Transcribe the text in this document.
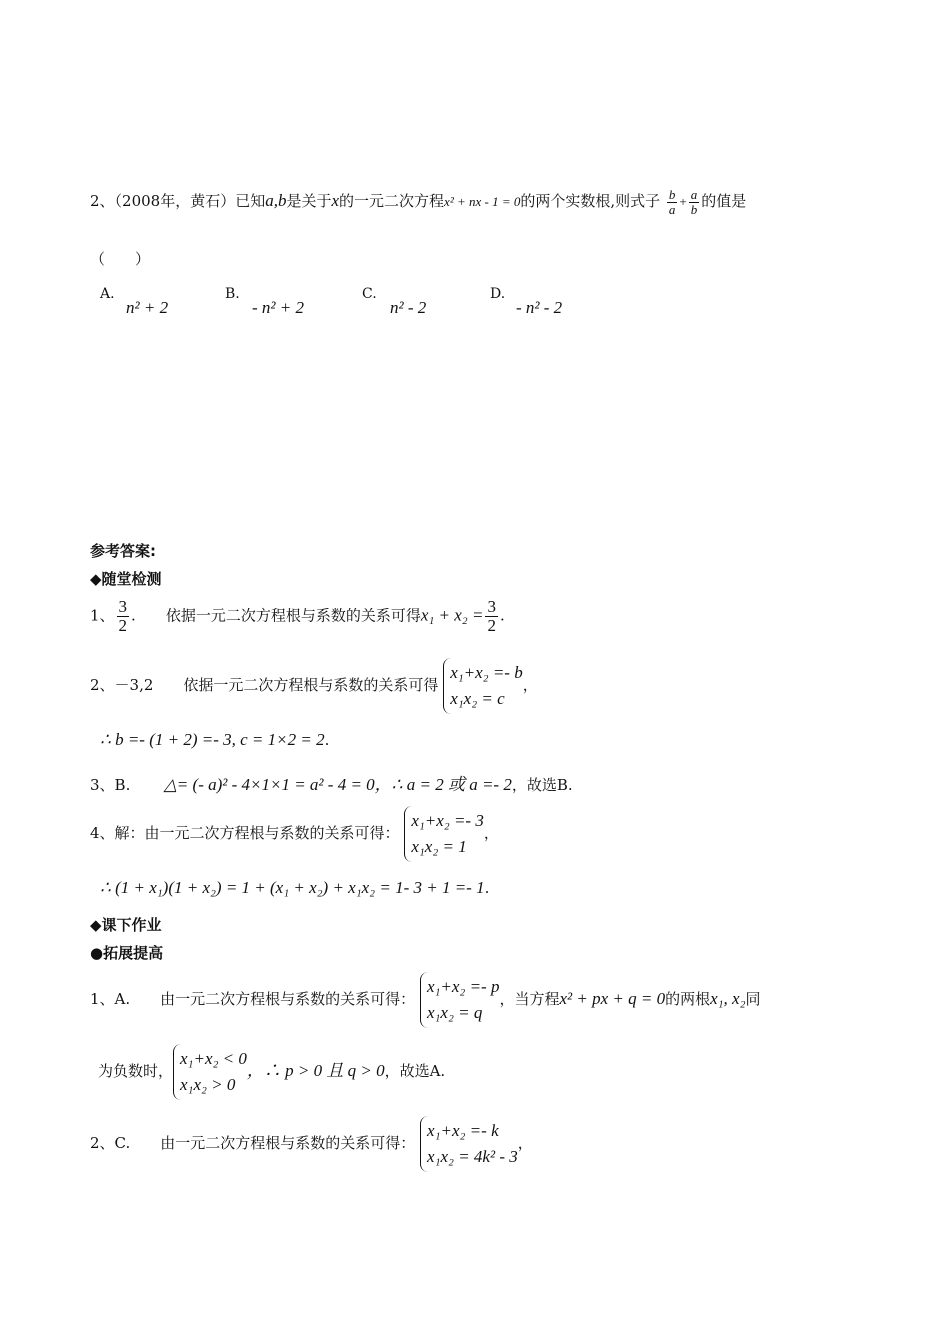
2、（2008年，黄石）已知a,b是关于x的一元二次方程x² + nx - 1 = 0的两个实数根,则式子 $\frac{b}{a} + \frac{a}{b}$ 的值是
（　　）
A.
n² + 2
B.
- n² + 2
C.
n² - 2
D.
- n² - 2
参考答案:
◆随堂检测
1、 $\frac{3}{2}$ .　　依据一元二次方程根与系数的关系可得$x_1 + x_2 = \frac{3}{2}$ .
2、－3,2　　依据一元二次方程根与系数的关系可得
x₁+x₂ =- b
x₁x₂ = c
，
∴ b =- (1 + 2) =- 3, c = 1×2 = 2.
3、B. △= (- a)² - 4×1×1 = a² - 4 = 0，∴ a = 2 或 a =- 2，故选B.
4、解：由一元二次方程根与系数的关系可得：
x₁+x₂ =- 3
x₁x₂ = 1
，
∴ (1 + x₁)(1 + x₂) = 1 + (x₁ + x₂) + x₁x₂ = 1- 3 + 1 =- 1.
◆课下作业
●拓展提高
1、A.　　由一元二次方程根与系数的关系可得：
x₁+x₂ =- p
x₁x₂ = q
，当方程x² + px + q = 0的两根x₁, x₂同
为负数时，
x₁+x₂ < 0
x₁x₂ > 0
，∴ p > 0 且 q > 0，故选A.
2、C.　　由一元二次方程根与系数的关系可得：
x₁+x₂ =- k
x₁x₂ = 4k² - 3
，
